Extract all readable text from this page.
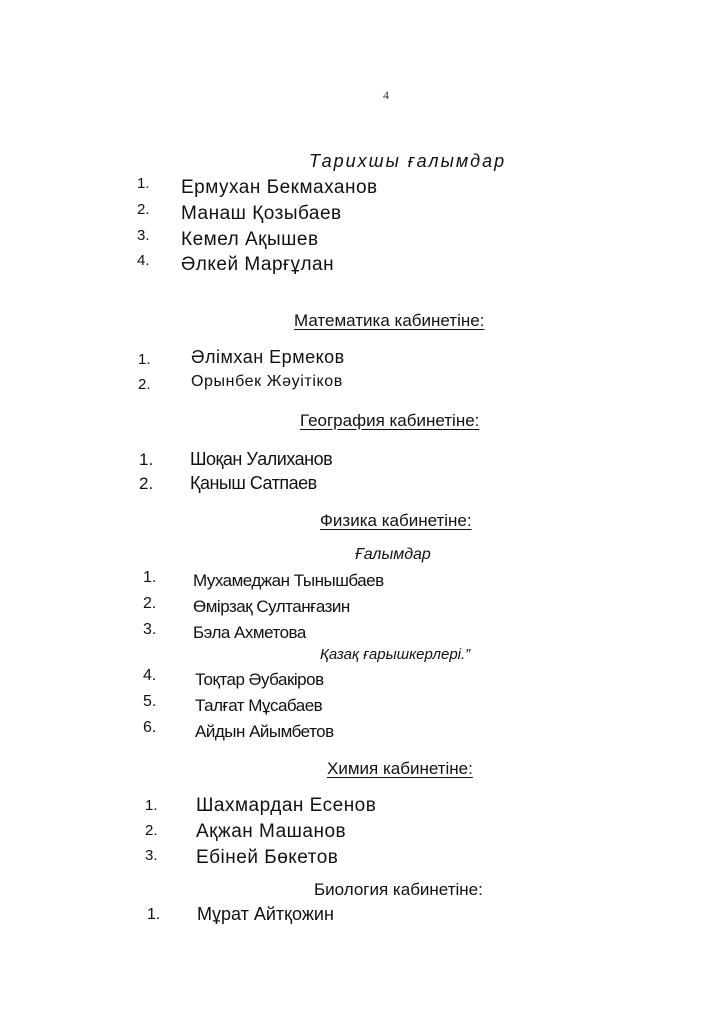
4
Тарихшы ғалымдар
1. Ермухан Бекмаханов
2. Манаш Қозыбаев
3. Кемел Ақышев
4. Әлкей Марғұлан
Математика кабинетіне:
1. Әлімхан Ермеков
2.	Орынбек Жәуітіков
География кабинетіне:
1. Шоқан Уалиханов
2. Қаныш Сатпаев
Физика кабинетіне:
Ғалымдар
1. Мухамеджан Тынышбаев
2. Өмірзақ Султанғазин
3. Бэла Ахметова
Қазақ ғарышкерлері.”
4. Тоқтар Әубакіров
5. Талғат Мұсабаев
6. Айдын Айымбетов
Химия кабинетіне:
1. Шахмардан Есенов
2. Ақжан Машанов
3. Ебіней Бөкетов
Биология кабинетіне:
1. Мұрат Айтқожин
